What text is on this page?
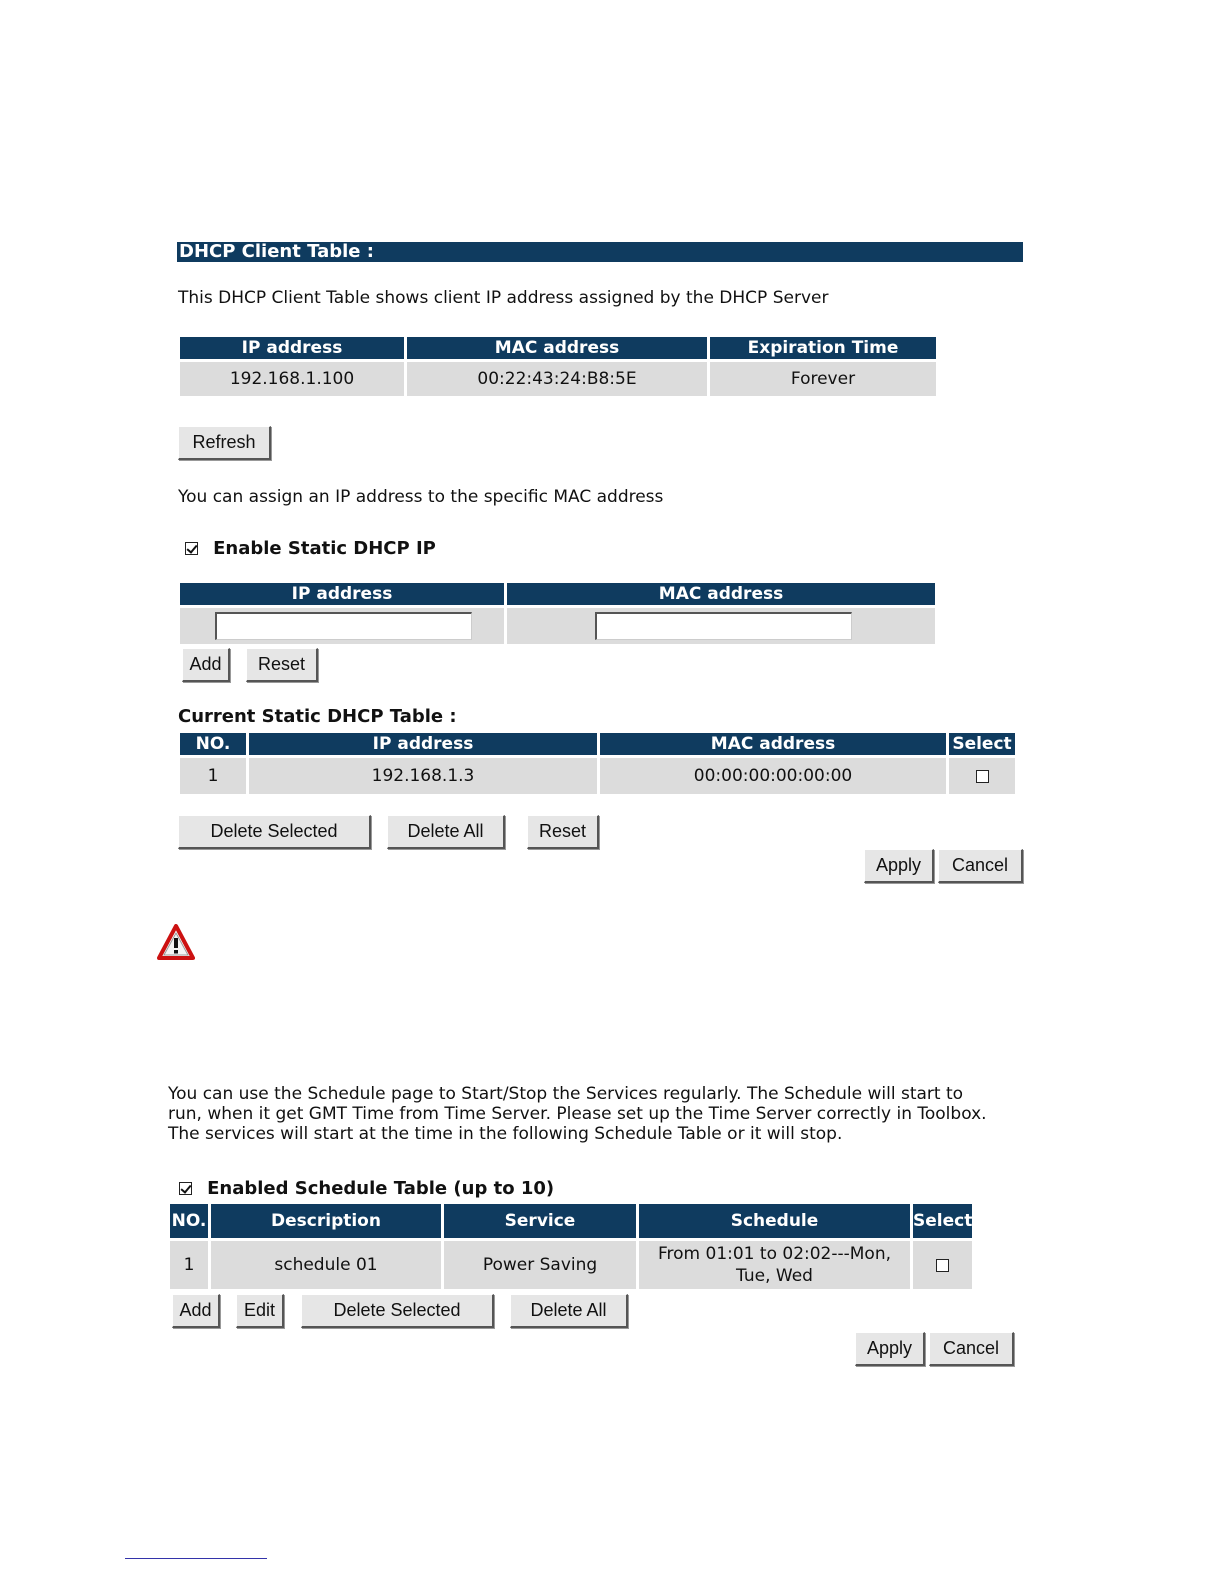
DHCP Client Table :
This DHCP Client Table shows client IP address assigned by the DHCP Server
IP address	MAC address	Expiration Time
192.168.1.100	00:22:43:24:B8:5E	Forever
Refresh
You can assign an IP address to the specific MAC address
Enable Static DHCP IP
IP address	MAC address

Add	Reset
Current Static DHCP Table :
NO.	IP address	MAC address	Select
1	192.168.1.3	00:00:00:00:00:00	
Delete Selected	Delete All	Reset
Apply	Cancel
You can use the Schedule page to Start/Stop the Services regularly. The Schedule will start to
run, when it get GMT Time from Time Server. Please set up the Time Server correctly in Toolbox.
The services will start at the time in the following Schedule Table or it will stop.
Enabled Schedule Table (up to 10)
NO.	Description	Service	Schedule	Select
1	schedule 01	Power Saving	From 01:01 to 02:02---Mon,
Tue, Wed	

Add	Edit	Delete Selected	Delete All
Apply	Cancel
